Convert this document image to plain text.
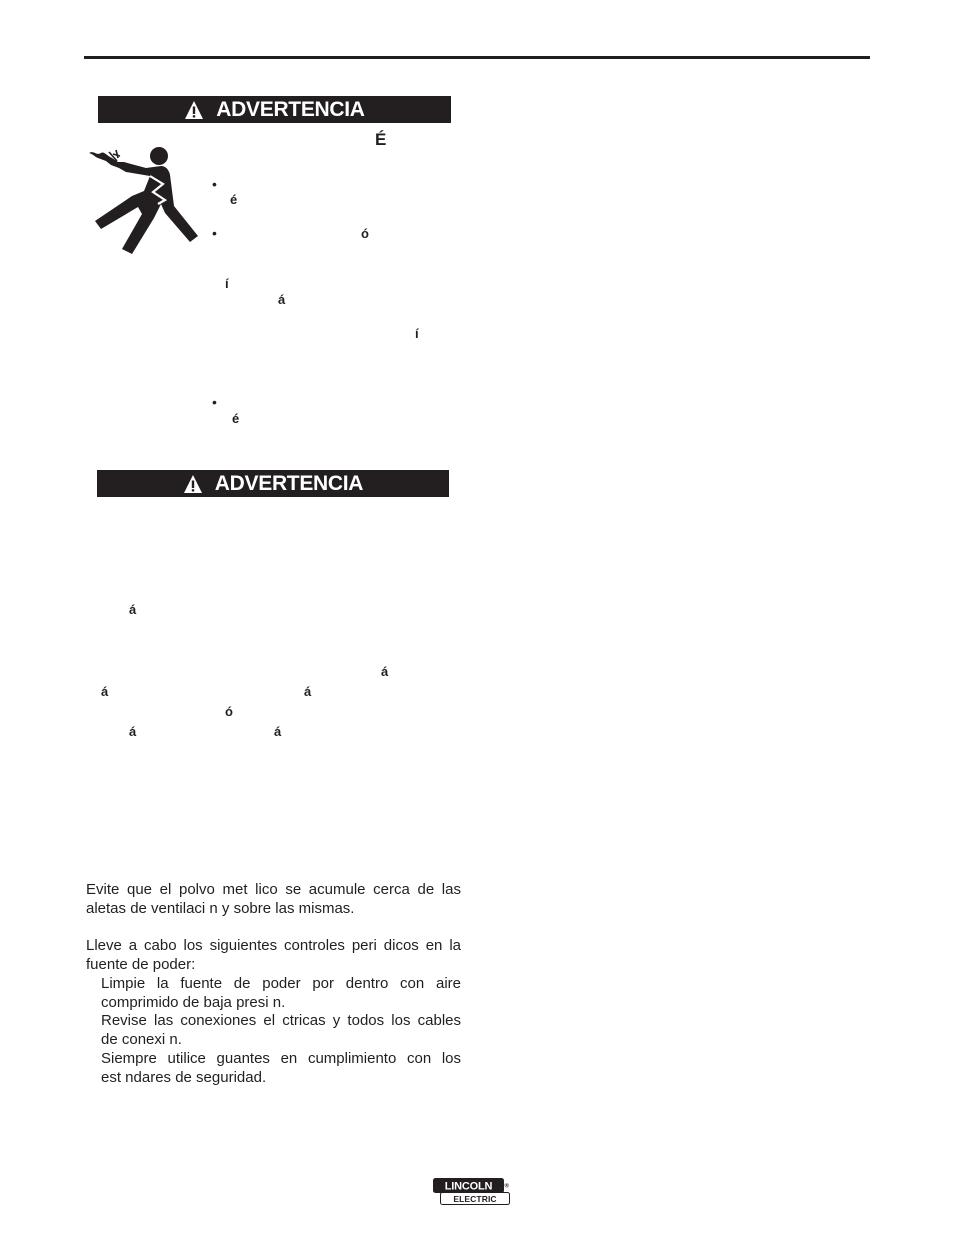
ADVERTENCIA
É
•
é
•	ó
í
á
í
•
é
ADVERTENCIA
á
á
á	á
ó
á	á
Evite que el polvo met lico se acumule cerca de las
aletas de ventilaci n y sobre las mismas.
Lleve a cabo los siguientes controles peri dicos en la
fuente de poder:
Limpie la fuente de poder por dentro con aire
comprimido de baja presi n.
Revise las conexiones el ctricas y todos los cables
de conexi n.
Siempre utilice guantes en cumplimiento con los
est ndares de seguridad.
LINCOLN
ELECTRIC
®
